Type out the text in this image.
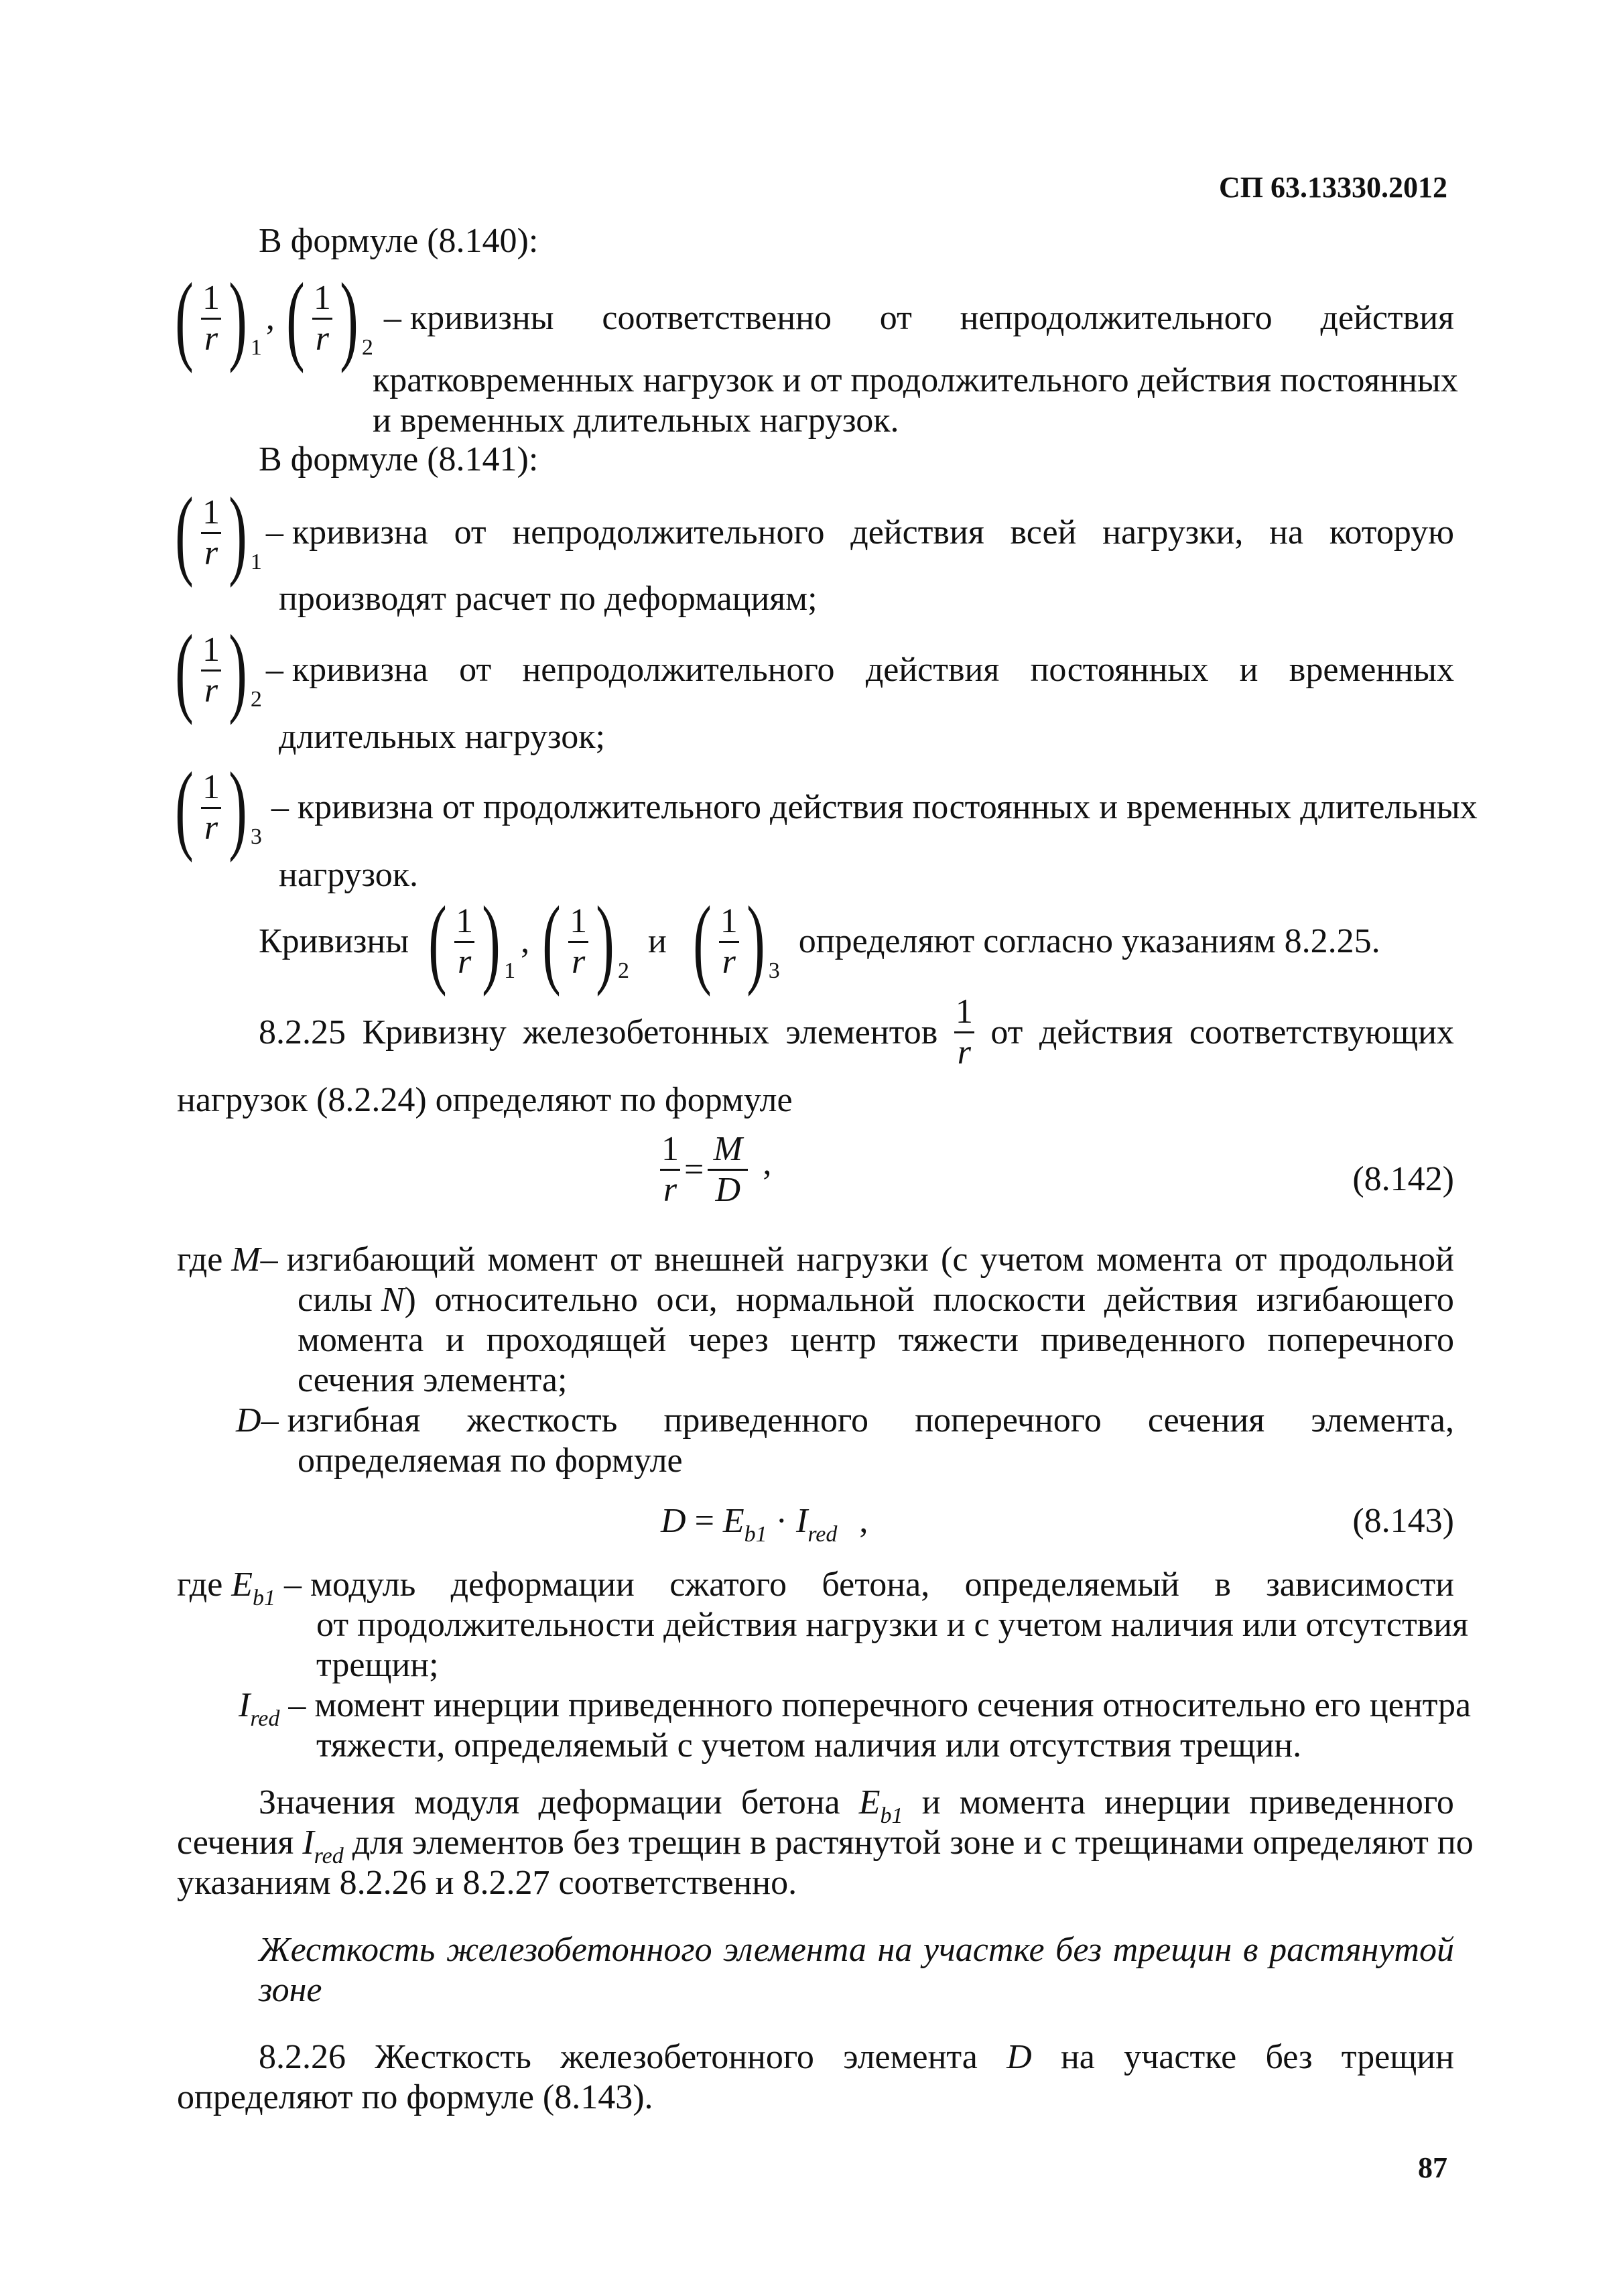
СП 63.13330.2012
В формуле (8.140):
( $\frac{1}{r}$ ) 1
, ( $\frac{1}{r}$ ) 2
– кривизны соответственно от непродолжительного действия
кратковременных нагрузок и от продолжительного действия постоянных
и временных длительных нагрузок.
В формуле (8.141):
( $\frac{1}{r}$ ) 1
– кривизна от непродолжительного действия всей нагрузки, на которую
производят расчет по деформациям;
( $\frac{1}{r}$ ) 2
– кривизна от непродолжительного действия постоянных и временных
длительных нагрузок;
( $\frac{1}{r}$ ) 3
– кривизна от продолжительного действия постоянных и временных длительных
нагрузок.
Кривизны ( $\frac{1}{r}$ ) 1
, ( $\frac{1}{r}$ ) 2
и ( $\frac{1}{r}$ ) 3
определяют согласно указаниям 8.2.25.
8.2.25 Кривизну железобетонных элементов $\frac{1}{r}$ от действия соответствующих
нагрузок (8.2.24) определяют по формуле
$\frac{1}{r} = \frac{M}{D}$ ,	(8.142)
где M– изгибающий момент от внешней нагрузки (с учетом момента от продольной
силы N) относительно оси, нормальной плоскости действия изгибающего
момента и проходящей через центр тяжести приведенного поперечного
сечения элемента;
D– изгибная жесткость приведенного поперечного сечения элемента,
определяемая по формуле
$D = E_{b1} \cdot I_{red}$ ,	(8.143)
где $E_{b1}$ – модуль деформации сжатого бетона, определяемый в зависимости
от продолжительности действия нагрузки и с учетом наличия или отсутствия
трещин;
$I_{red}$ – момент инерции приведенного поперечного сечения относительно его центра
тяжести, определяемый с учетом наличия или отсутствия трещин.
Значения модуля деформации бетона $E_{b1}$ и момента инерции приведенного
сечения $I_{red}$ для элементов без трещин в растянутой зоне и с трещинами определяют по
указаниям 8.2.26 и 8.2.27 соответственно.
Жесткость железобетонного элемента на участке без трещин в растянутой
зоне
8.2.26 Жесткость железобетонного элемента D на участке без трещин
определяют по формуле (8.143).
87
